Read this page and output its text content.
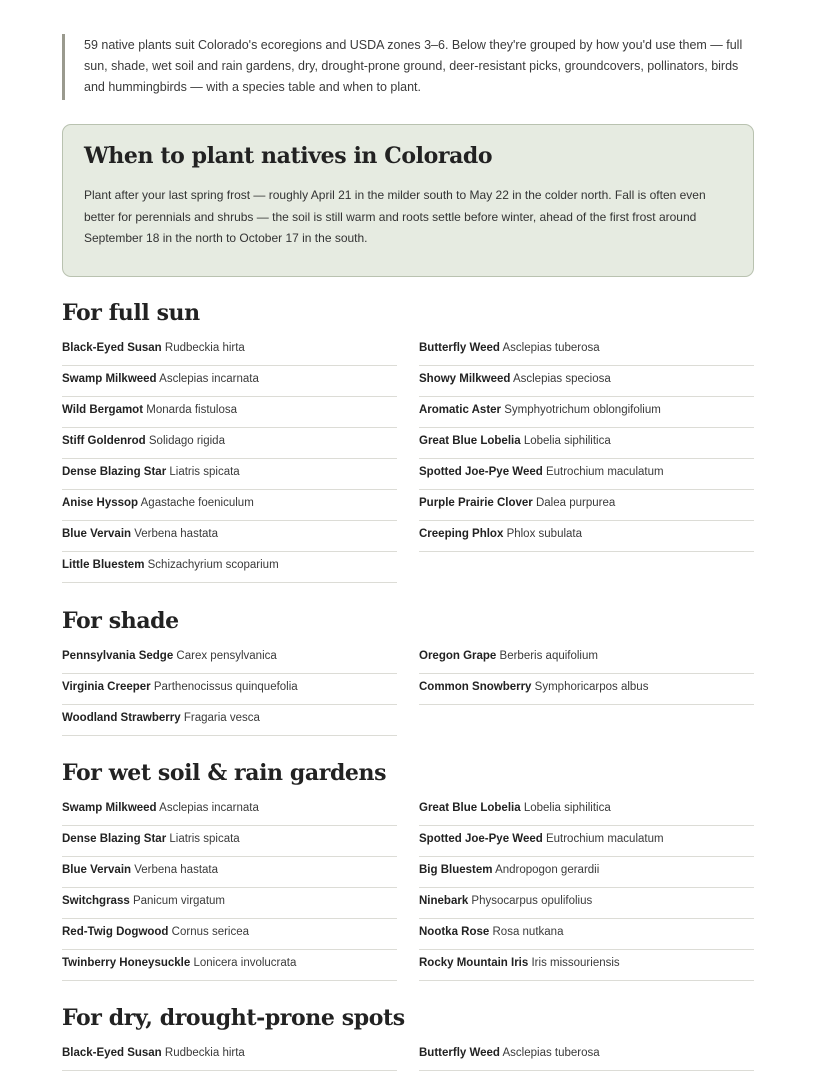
59 native plants suit Colorado's ecoregions and USDA zones 3–6. Below they're grouped by how you'd use them — full sun, shade, wet soil and rain gardens, dry, drought-prone ground, deer-resistant picks, groundcovers, pollinators, birds and hummingbirds — with a species table and when to plant.
When to plant natives in Colorado

Plant after your last spring frost — roughly April 21 in the milder south to May 22 in the colder north. Fall is often even better for perennials and shrubs — the soil is still warm and roots settle before winter, ahead of the first frost around September 18 in the north to October 17 in the south.

For full sun
Black-Eyed Susan Rudbeckia hirta
Swamp Milkweed Asclepias incarnata
Wild Bergamot Monarda fistulosa
Stiff Goldenrod Solidago rigida
Dense Blazing Star Liatris spicata
Anise Hyssop Agastache foeniculum
Blue Vervain Verbena hastata
Little Bluestem Schizachyrium scoparium
Butterfly Weed Asclepias tuberosa
Showy Milkweed Asclepias speciosa
Aromatic Aster Symphyotrichum oblongifolium
Great Blue Lobelia Lobelia siphilitica
Spotted Joe-Pye Weed Eutrochium maculatum
Purple Prairie Clover Dalea purpurea
Creeping Phlox Phlox subulata
For shade
Pennsylvania Sedge Carex pensylvanica
Virginia Creeper Parthenocissus quinquefolia
Woodland Strawberry Fragaria vesca
Oregon Grape Berberis aquifolium
Common Snowberry Symphoricarpos albus
For wet soil & rain gardens
Swamp Milkweed Asclepias incarnata
Dense Blazing Star Liatris spicata
Blue Vervain Verbena hastata
Switchgrass Panicum virgatum
Red-Twig Dogwood Cornus sericea
Twinberry Honeysuckle Lonicera involucrata
Great Blue Lobelia Lobelia siphilitica
Spotted Joe-Pye Weed Eutrochium maculatum
Big Bluestem Andropogon gerardii
Ninebark Physocarpus opulifolius
Nootka Rose Rosa nutkana
Rocky Mountain Iris Iris missouriensis
For dry, drought-prone spots
Black-Eyed Susan Rudbeckia hirta	Butterfly Weed Asclepias tuberosa
